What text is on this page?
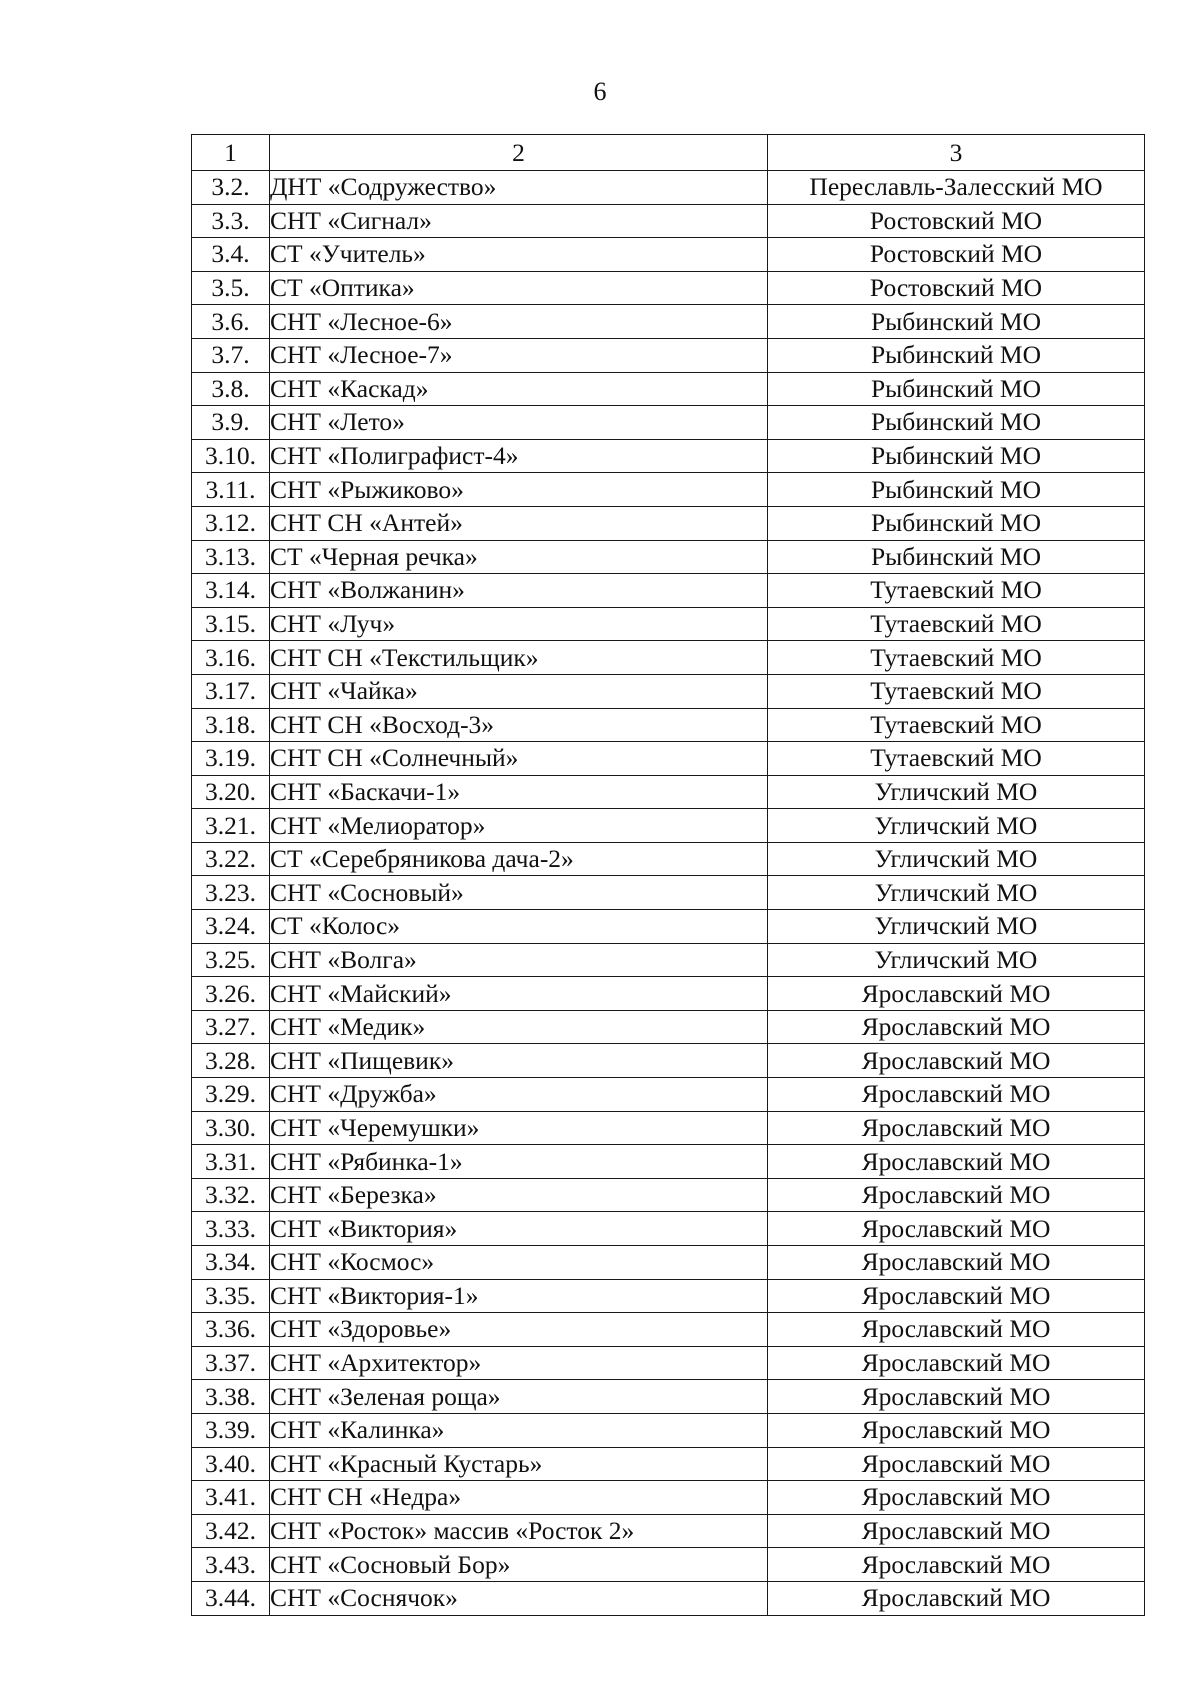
6
1	2	3
3.2.	ДНТ «Содружество»	Переславль-Залесский МО
3.3.	СНТ «Сигнал»	Ростовский МО
3.4.	СТ «Учитель»	Ростовский МО
3.5.	СТ «Оптика»	Ростовский МО
3.6.	СНТ «Лесное-6»	Рыбинский МО
3.7.	СНТ «Лесное-7»	Рыбинский МО
3.8.	СНТ «Каскад»	Рыбинский МО
3.9.	СНТ «Лето»	Рыбинский МО
3.10.	СНТ «Полиграфист-4»	Рыбинский МО
3.11.	СНТ «Рыжиково»	Рыбинский МО
3.12.	СНТ СН «Антей»	Рыбинский МО
3.13.	СТ «Черная речка»	Рыбинский МО
3.14.	СНТ «Волжанин»	Тутаевский МО
3.15.	СНТ «Луч»	Тутаевский МО
3.16.	СНТ СН «Текстильщик»	Тутаевский МО
3.17.	СНТ «Чайка»	Тутаевский МО
3.18.	СНТ СН «Восход-3»	Тутаевский МО
3.19.	СНТ СН «Солнечный»	Тутаевский МО
3.20.	СНТ «Баскачи-1»	Угличский МО
3.21.	СНТ «Мелиоратор»	Угличский МО
3.22.	СТ «Серебряникова дача-2»	Угличский МО
3.23.	СНТ «Сосновый»	Угличский МО
3.24.	СТ «Колос»	Угличский МО
3.25.	СНТ «Волга»	Угличский МО
3.26.	СНТ «Майский»	Ярославский МО
3.27.	СНТ «Медик»	Ярославский МО
3.28.	СНТ «Пищевик»	Ярославский МО
3.29.	СНТ «Дружба»	Ярославский МО
3.30.	СНТ «Черемушки»	Ярославский МО
3.31.	СНТ «Рябинка-1»	Ярославский МО
3.32.	СНТ «Березка»	Ярославский МО
3.33.	СНТ «Виктория»	Ярославский МО
3.34.	СНТ «Космос»	Ярославский МО
3.35.	СНТ «Виктория-1»	Ярославский МО
3.36.	СНТ «Здоровье»	Ярославский МО
3.37.	СНТ «Архитектор»	Ярославский МО
3.38.	СНТ «Зеленая роща»	Ярославский МО
3.39.	СНТ «Калинка»	Ярославский МО
3.40.	СНТ «Красный Кустарь»	Ярославский МО
3.41.	СНТ СН «Недра»	Ярославский МО
3.42.	СНТ «Росток» массив «Росток 2»	Ярославский МО
3.43.	СНТ «Сосновый Бор»	Ярославский МО
3.44.	СНТ «Соснячок»	Ярославский МО
